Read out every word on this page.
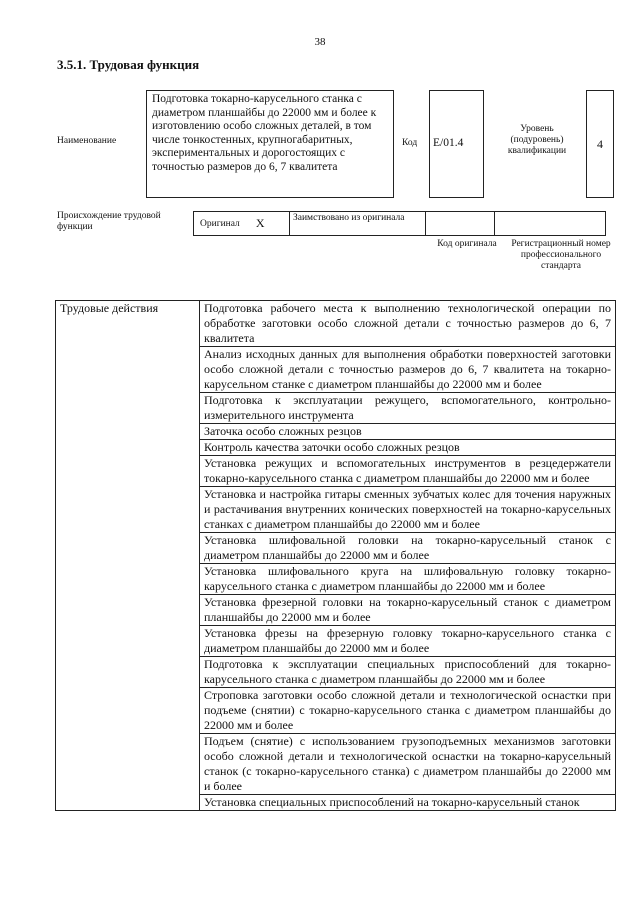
38
3.5.1. Трудовая функция
Наименование
Подготовка токарно-карусельного станка с диаметром планшайбы до 22000 мм и более к изготовлению особо сложных деталей, в том числе тонкостенных, крупногабаритных, экспериментальных и дорогостоящих с точностью размеров до 6, 7 квалитета
Код E/01.4
Уровень (подуровень) квалификации	4
Происхождение трудовой функции	Оригинал X	Заимствовано из оригинала
Код оригинала	Регистрационный номер профессионального стандарта
Трудовые действия	Подготовка рабочего места к выполнению технологической операции по обработке заготовки особо сложной детали с точностью размеров до 6, 7 квалитета
Анализ исходных данных для выполнения обработки поверхностей заготовки особо сложной детали с точностью размеров до 6, 7 квалитета на токарно-карусельном станке с диаметром планшайбы до 22000 мм и более
Подготовка к эксплуатации режущего, вспомогательного, контрольно-измерительного инструмента
Заточка особо сложных резцов
Контроль качества заточки особо сложных резцов
Установка режущих и вспомогательных инструментов в резцедержатели токарно-карусельного станка с диаметром планшайбы до 22000 мм и более
Установка и настройка гитары сменных зубчатых колес для точения наружных и растачивания внутренних конических поверхностей на токарно-карусельных станках с диаметром планшайбы до 22000 мм и более
Установка шлифовальной головки на токарно-карусельный станок с диаметром планшайбы до 22000 мм и более
Установка шлифовального круга на шлифовальную головку токарно-карусельного станка с диаметром планшайбы до 22000 мм и более
Установка фрезерной головки на токарно-карусельный станок с диаметром планшайбы до 22000 мм и более
Установка фрезы на фрезерную головку токарно-карусельного станка с диаметром планшайбы до 22000 мм и более
Подготовка к эксплуатации специальных приспособлений для токарно-карусельного станка с диаметром планшайбы до 22000 мм и более
Строповка заготовки особо сложной детали и технологической оснастки при подъеме (снятии) с токарно-карусельного станка с диаметром планшайбы до 22000 мм и более
Подъем (снятие) с использованием грузоподъемных механизмов заготовки особо сложной детали и технологической оснастки на токарно-карусельный станок (с токарно-карусельного станка) с диаметром планшайбы до 22000 мм и более
Установка специальных приспособлений на токарно-карусельный станок
